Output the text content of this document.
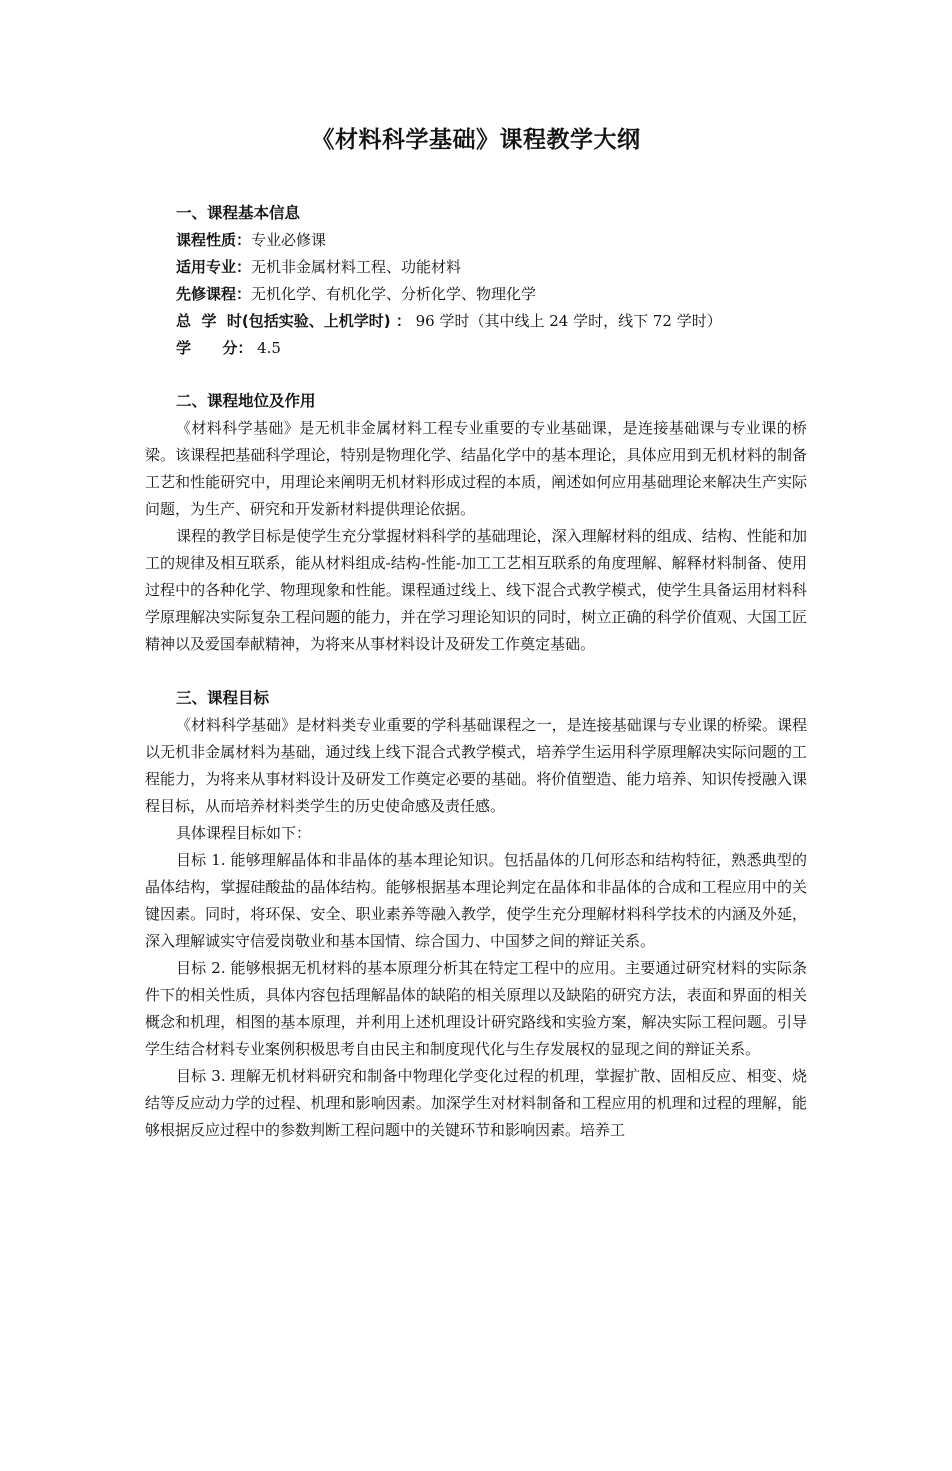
《材料科学基础》课程教学大纲
一、课程基本信息
课程性质：专业必修课
适用专业：无机非金属材料工程、功能材料
先修课程：无机化学、有机化学、分析化学、物理化学
总  学  时(包括实验、上机学时) ： 96 学时（其中线上 24 学时，线下 72 学时）
学      分： 4.5
二、课程地位及作用

《材料科学基础》是无机非金属材料工程专业重要的专业基础课，是连接基础课与专业课的桥梁。该课程把基础科学理论，特别是物理化学、结晶化学中的基本理论，具体应用到无机材料的制备工艺和性能研究中，用理论来阐明无机材料形成过程的本质，阐述如何应用基础理论来解决生产实际问题，为生产、研究和开发新材料提供理论依据。

课程的教学目标是使学生充分掌握材料科学的基础理论，深入理解材料的组成、结构、性能和加工的规律及相互联系，能从材料组成-结构-性能-加工工艺相互联系的角度理解、解释材料制备、使用过程中的各种化学、物理现象和性能。课程通过线上、线下混合式教学模式，使学生具备运用材料科学原理解决实际复杂工程问题的能力，并在学习理论知识的同时，树立正确的科学价值观、大国工匠精神以及爱国奉献精神，为将来从事材料设计及研发工作奠定基础。

三、课程目标

《材料科学基础》是材料类专业重要的学科基础课程之一，是连接基础课与专业课的桥梁。课程以无机非金属材料为基础，通过线上线下混合式教学模式，培养学生运用科学原理解决实际问题的工程能力，为将来从事材料设计及研发工作奠定必要的基础。将价值塑造、能力培养、知识传授融入课程目标，从而培养材料类学生的历史使命感及责任感。

具体课程目标如下：

目标 1. 能够理解晶体和非晶体的基本理论知识。包括晶体的几何形态和结构特征，熟悉典型的晶体结构，掌握硅酸盐的晶体结构。能够根据基本理论判定在晶体和非晶体的合成和工程应用中的关键因素。同时，将环保、安全、职业素养等融入教学，使学生充分理解材料科学技术的内涵及外延，深入理解诚实守信爱岗敬业和基本国情、综合国力、中国梦之间的辩证关系。

目标 2. 能够根据无机材料的基本原理分析其在特定工程中的应用。主要通过研究材料的实际条件下的相关性质，具体内容包括理解晶体的缺陷的相关原理以及缺陷的研究方法，表面和界面的相关概念和机理，相图的基本原理，并利用上述机理设计研究路线和实验方案，解决实际工程问题。引导学生结合材料专业案例积极思考自由民主和制度现代化与生存发展权的显现之间的辩证关系。

目标 3. 理解无机材料研究和制备中物理化学变化过程的机理，掌握扩散、固相反应、相变、烧结等反应动力学的过程、机理和影响因素。加深学生对材料制备和工程应用的机理和过程的理解，能够根据反应过程中的参数判断工程问题中的关键环节和影响因素。培养工
